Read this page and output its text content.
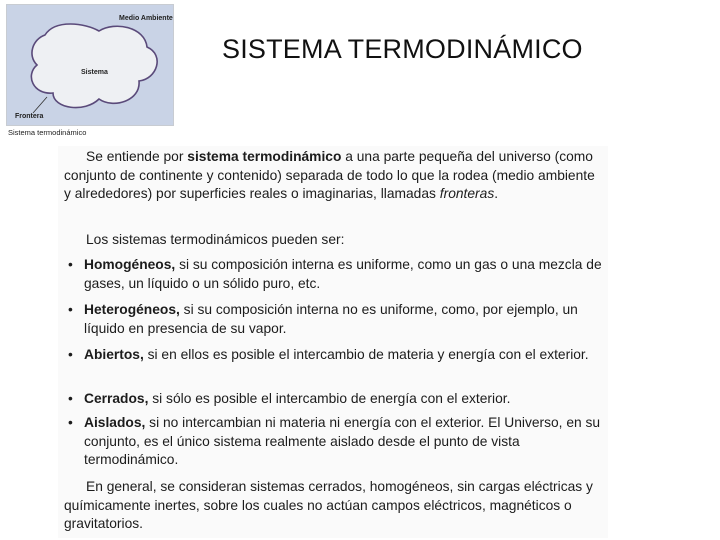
SISTEMA TERMODINÁMICO
Medio Ambiente
Sistema
Frontera
Sistema termodinámico

Se entiende por sistema termodinámico a una parte pequeña del universo (como conjunto de continente y contenido) separada de todo lo que la rodea (medio ambiente y alrededores) por superficies reales o imaginarias, llamadas fronteras.

Los sistemas termodinámicos pueden ser:

• Homogéneos, si su composición interna es uniforme, como un gas o una mezcla de gases, un líquido o un sólido puro, etc.
• Heterogéneos, si su composición interna no es uniforme, como, por ejemplo, un líquido en presencia de su vapor.
• Abiertos, si en ellos es posible el intercambio de materia y energía con el exterior.
• Cerrados, si sólo es posible el intercambio de energía con el exterior.
• Aislados, si no intercambian ni materia ni energía con el exterior. El Universo, en su conjunto, es el único sistema realmente aislado desde el punto de vista termodinámico.

En general, se consideran sistemas cerrados, homogéneos, sin cargas eléctricas y químicamente inertes, sobre los cuales no actúan campos eléctricos, magnéticos o gravitatorios.
